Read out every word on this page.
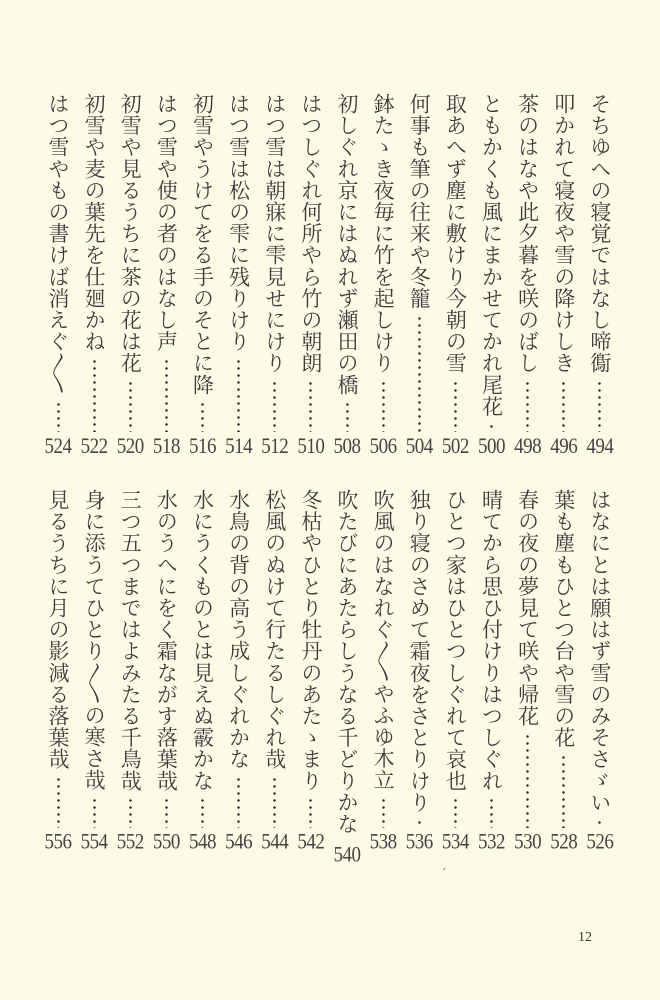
そちゆへの寝覚ではなし啼鵆
494
叩かれて寝夜や雪の降けしき
496
茶のはなや此夕暮を咲のばし
498
ともかくも風にまかせてかれ尾花
500
取あへず塵に敷けり今朝の雪
502
何事も筆の往来や冬籠
504
鉢たゝき夜毎に竹を起しけり
506
初しぐれ京にはぬれず瀬田の橋
508
はつしぐれ何所やら竹の朝朗
510
はつ雪は朝寐に雫見せにけり
512
はつ雪は松の雫に残りけり
514
初雪やうけてをる手のそとに降
516
はつ雪や使の者のはなし声
518
初雪や見るうちに茶の花は花
520
初雪や麦の葉先を仕廻かね
522
はつ雪やもの書けば消えぐ〳〵
524
はなにとは願はず雪のみそさゞい
526
葉も塵もひとつ台や雪の花
528
春の夜の夢見て咲や帰花
530
晴てから思ひ付けりはつしぐれ
532
ひとつ家はひとつしぐれて哀也
534
独り寝のさめて霜夜をさとりけり
536
吹風のはなれぐ〳〵やふゆ木立
538
吹たびにあたらしうなる千どりかな
540
冬枯やひとり牡丹のあたゝまり
542
松風のぬけて行たるしぐれ哉
544
水鳥の背の高う成しぐれかな
546
水にうくものとは見えぬ霰かな
548
水のうへにをく霜ながす落葉哉
550
三つ五つまではよみたる千鳥哉
552
身に添うてひとり〳〵の寒さ哉
554
見るうちに月の影減る落葉哉
556
′
12
